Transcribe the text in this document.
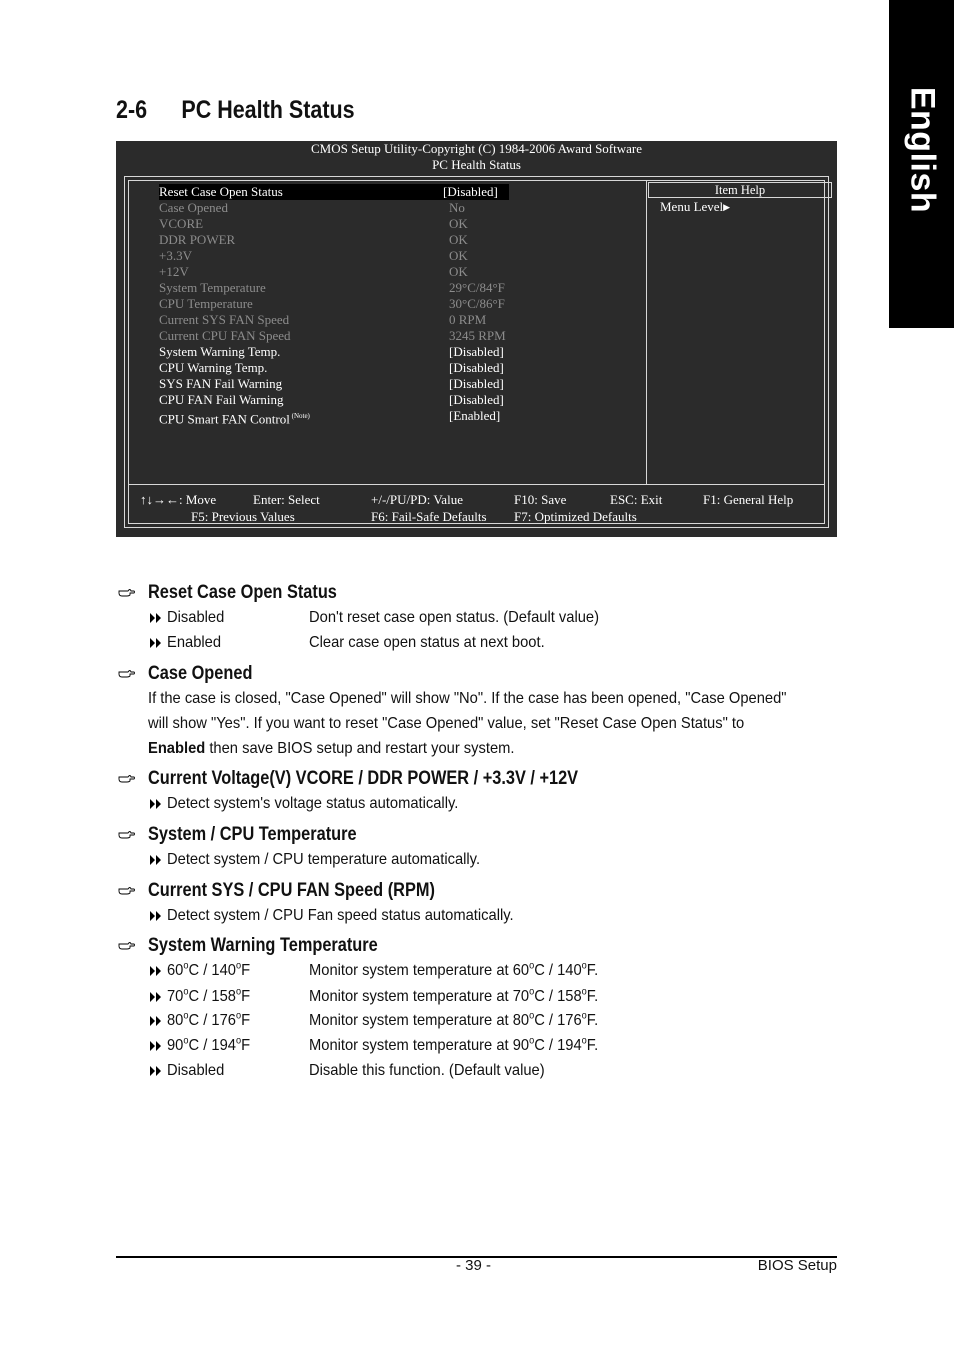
English
2-6 PC Health Status
CMOS Setup Utility-Copyright (C) 1984-2006 Award Software
PC Health Status
Item Help
Menu Level▶
Reset Case Open Status	[Disabled]
Case Opened	No
VCORE	OK
DDR POWER	OK
+3.3V	OK
+12V	OK
System Temperature	29°C/84°F
CPU Temperature	30°C/86°F
Current SYS FAN Speed	0 RPM
Current CPU FAN Speed	3245 RPM
System Warning Temp.	[Disabled]
CPU Warning Temp.	[Disabled]
SYS FAN Fail Warning	[Disabled]
CPU FAN Fail Warning	[Disabled]
CPU Smart FAN Control $^{(Note)}$	[Enabled]
↑↓→←: Move	Enter: Select	+/-/PU/PD: Value	F10: Save	ESC: Exit	F1: General Help
F5: Previous Values	F6: Fail-Safe Defaults F7: Optimized Defaults
Reset Case Open Status
Disabled	Don't reset case open status. (Default value)
Enabled	Clear case open status at next boot.
Case Opened
If the case is closed, "Case Opened" will show "No". If the case has been opened, "Case Opened"
will show "Yes". If you want to reset "Case Opened" value, set "Reset Case Open Status" to
Enabled then save BIOS setup and restart your system.
Current Voltage(V) VCORE / DDR POWER / +3.3V / +12V
Detect system's voltage status automatically.
System / CPU Temperature
Detect system / CPU temperature automatically.
Current SYS / CPU FAN Speed (RPM)
Detect system / CPU Fan speed status automatically.
System Warning Temperature
60$^o$C / 140$^o$F	Monitor system temperature at 60$^o$C / 140$^o$F.
70$^o$C / 158$^o$F	Monitor system temperature at 70$^o$C / 158$^o$F.
80$^o$C / 176$^o$F	Monitor system temperature at 80$^o$C / 176$^o$F.
90$^o$C / 194$^o$F	Monitor system temperature at 90$^o$C / 194$^o$F.
Disabled	Disable this function. (Default value)
- 39 -	BIOS Setup
